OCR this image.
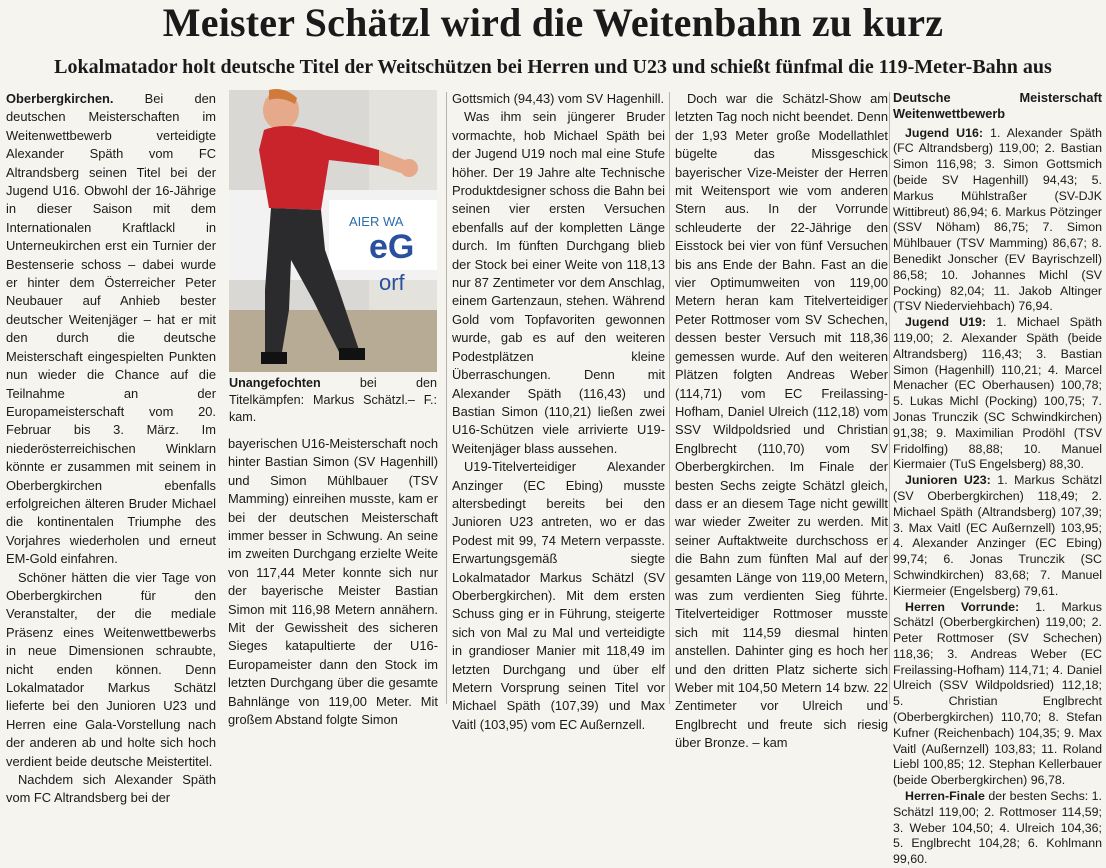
Meister Schätzl wird die Weitenbahn zu kurz
Lokalmatador holt deutsche Titel der Weitschützen bei Herren und U23 und schießt fünfmal die 119-Meter-Bahn aus

Oberbergkirchen. Bei den deutschen Meisterschaften im Weitenwettbewerb verteidigte Alexander Späth vom FC Altrandsberg seinen Titel bei der Jugend U16. Obwohl der 16-Jährige in dieser Saison mit dem Internationalen Kraftlackl in Unterneukirchen erst ein Turnier der Bestenserie schoss – dabei wurde er hinter dem Österreicher Peter Neubauer auf Anhieb bester deutscher Weitenjäger – hat er mit den durch die deutsche Meisterschaft eingespielten Punkten nun wieder die Chance auf die Teilnahme an der Europameisterschaft vom 20. Februar bis 3. März. Im niederösterreichischen Winklarn könnte er zusammen mit seinem in Oberbergkirchen ebenfalls erfolgreichen älteren Bruder Michael die kontinentalen Triumphe des Vorjahres wiederholen und erneut EM-Gold einfahren.

Schöner hätten die vier Tage von Oberbergkirchen für den Veranstalter, der die mediale Präsenz eines Weitenwettbewerbs in neue Dimensionen schraubte, nicht enden können. Denn Lokalmatador Markus Schätzl lieferte bei den Junioren U23 und Herren eine Gala-Vorstellung nach der anderen ab und holte sich hoch verdient beide deutsche Meistertitel.

Nachdem sich Alexander Späth vom FC Altrandsberg bei der

AIER WA
eG
orf
Unangefochten	bei den Titelkämpfen: Markus Schätzl.– F.: kam.

bayerischen U16-Meisterschaft noch hinter Bastian Simon (SV Hagenhill) und Simon Mühlbauer (TSV Mamming) einreihen musste, kam er bei der deutschen Meisterschaft immer besser in Schwung. An seine im zweiten Durchgang erzielte Weite von 117,44 Meter konnte sich nur der bayerische Meister Bastian Simon mit 116,98 Metern annähern. Mit der Gewissheit des sicheren Sieges katapultierte der U16-Europameister dann den Stock im letzten Durchgang über die gesamte Bahnlänge von 119,00 Meter. Mit großem Abstand folgte Simon

Gottsmich (94,43) vom SV Hagenhill.

Was ihm sein jüngerer Bruder vormachte, hob Michael Späth bei der Jugend U19 noch mal eine Stufe höher. Der 19 Jahre alte Technische Produktdesigner schoss die Bahn bei seinen vier ersten Versuchen ebenfalls auf der kompletten Länge durch. Im fünften Durchgang blieb der Stock bei einer Weite von 118,13 nur 87 Zentimeter vor dem Anschlag, einem Gartenzaun, stehen. Während Gold vom Topfavoriten gewonnen wurde, gab es auf den weiteren Podestplätzen kleine Überraschungen. Denn mit Alexander Späth (116,43) und Bastian Simon (110,21) ließen zwei U16-Schützen viele arrivierte U19-Weitenjäger blass aussehen.

U19-Titelverteidiger Alexander Anzinger (EC Ebing) musste altersbedingt bereits bei den Junioren U23 antreten, wo er das Podest mit 99, 74 Metern verpasste. Erwartungsgemäß siegte Lokalmatador Markus Schätzl (SV Oberbergkirchen). Mit dem ersten Schuss ging er in Führung, steigerte sich von Mal zu Mal und verteidigte in grandioser Manier mit 118,49 im letzten Durchgang und über elf Metern Vorsprung seinen Titel vor Michael Späth (107,39) und Max Vaitl (103,95) vom EC Außernzell.

Doch war die Schätzl-Show am letzten Tag noch nicht beendet. Denn der 1,93 Meter große Modellathlet bügelte das Missgeschick bayerischer Vize-Meister der Herren mit Weitensport wie vom anderen Stern aus. In der Vorrunde schleuderte der 22-Jährige den Eisstock bei vier von fünf Versuchen bis ans Ende der Bahn. Fast an die vier Optimumweiten von 119,00 Metern heran kam Titelverteidiger Peter Rottmoser vom SV Schechen, dessen bester Versuch mit 118,36 gemessen wurde. Auf den weiteren Plätzen folgten Andreas Weber (114,71) vom EC Freilassing-Hofham, Daniel Ulreich (112,18) vom SSV Wildpoldsried und Christian Englbrecht (110,70) vom SV Oberbergkirchen. Im Finale der besten Sechs zeigte Schätzl gleich, dass er an diesem Tage nicht gewillt war wieder Zweiter zu werden. Mit seiner Auftaktweite durchschoss er die Bahn zum fünften Mal auf der gesamten Länge von 119,00 Metern, was zum verdienten Sieg führte. Titelverteidiger Rottmoser musste sich mit 114,59 diesmal hinten anstellen. Dahinter ging es hoch her und den dritten Platz sicherte sich Weber mit 104,50 Metern 14 bzw. 22 Zentimeter vor Ulreich und Englbrecht und freute sich riesig über Bronze. – kam

Deutsche Meisterschaft Weitenwettbewerb

Jugend U16: 1. Alexander Späth (FC Altrandsberg) 119,00; 2. Bastian Simon 116,98; 3. Simon Gottsmich (beide SV Hagenhill) 94,43; 5. Markus Mühlstraßer (SV-DJK Wittibreut) 86,94; 6. Markus Pötzinger (SSV Nöham) 86,75; 7. Simon Mühlbauer (TSV Mamming) 86,67; 8. Benedikt Jonscher (EV Bayrischzell) 86,58; 10. Johannes Michl (SV Pocking) 82,04; 11. Jakob Altinger (TSV Niederviehbach) 76,94.

Jugend U19: 1. Michael Späth 119,00; 2. Alexander Späth (beide Altrandsberg) 116,43; 3. Bastian Simon (Hagenhill) 110,21; 4. Marcel Menacher (EC Oberhausen) 100,78; 5. Lukas Michl (Pocking) 100,75; 7. Jonas Trunczik (SC Schwindkirchen) 91,38; 9. Maximilian Prodöhl (TSV Fridolfing) 88,88; 10. Manuel Kiermaier (TuS Engelsberg) 88,30.

Junioren U23: 1. Markus Schätzl (SV Oberbergkirchen) 118,49; 2. Michael Späth (Altrandsberg) 107,39; 3. Max Vaitl (EC Außernzell) 103,95; 4. Alexander Anzinger (EC Ebing) 99,74; 6. Jonas Trunczik (SC Schwindkirchen) 83,68; 7. Manuel Kiermeier (Engelsberg) 79,61.

Herren Vorrunde: 1. Markus Schätzl (Oberbergkirchen) 119,00; 2. Peter Rottmoser (SV Schechen) 118,36; 3. Andreas Weber (EC Freilassing-Hofham) 114,71; 4. Daniel Ulreich (SSV Wildpoldsried) 112,18; 5. Christian Englbrecht (Oberbergkirchen) 110,70; 8. Stefan Kufner (Reichenbach) 104,35; 9. Max Vaitl (Außernzell) 103,83; 11. Roland Liebl 100,85; 12. Stephan Kellerbauer (beide Oberbergkirchen) 96,78.

Herren-Finale der besten Sechs: 1. Schätzl 119,00; 2. Rottmoser 114,59; 3. Weber 104,50; 4. Ulreich 104,36; 5. Englbrecht 104,28; 6. Kohlmann 99,60.
